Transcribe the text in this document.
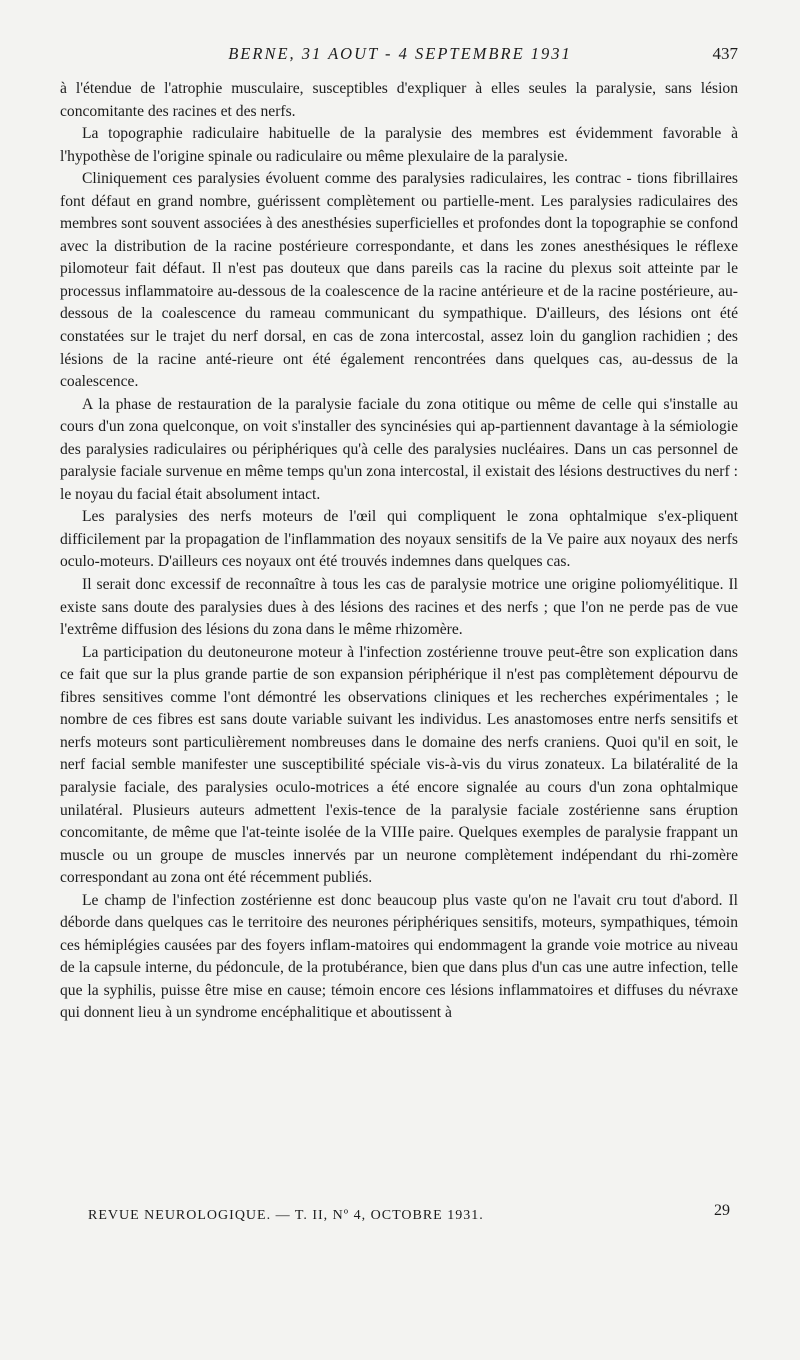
BERNE, 31 AOUT - 4 SEPTEMBRE 1931	437

à l'étendue de l'atrophie musculaire, susceptibles d'expliquer à elles seules la paralysie, sans lésion concomitante des racines et des nerfs.

La topographie radiculaire habituelle de la paralysie des membres est évidemment favorable à l'hypothèse de l'origine spinale ou radiculaire ou même plexulaire de la paralysie.

Cliniquement ces paralysies évoluent comme des paralysies radiculaires, les contrac - tions fibrillaires font défaut en grand nombre, guérissent complètement ou partielle-ment. Les paralysies radiculaires des membres sont souvent associées à des anesthésies superficielles et profondes dont la topographie se confond avec la distribution de la racine postérieure correspondante, et dans les zones anesthésiques le réflexe pilomoteur fait défaut. Il n'est pas douteux que dans pareils cas la racine du plexus soit atteinte par le processus inflammatoire au-dessous de la coalescence de la racine antérieure et de la racine postérieure, au-dessous de la coalescence du rameau communicant du sympathique. D'ailleurs, des lésions ont été constatées sur le trajet du nerf dorsal, en cas de zona intercostal, assez loin du ganglion rachidien ; des lésions de la racine anté-rieure ont été également rencontrées dans quelques cas, au-dessus de la coalescence.

A la phase de restauration de la paralysie faciale du zona otitique ou même de celle qui s'installe au cours d'un zona quelconque, on voit s'installer des syncinésies qui ap-partiennent davantage à la sémiologie des paralysies radiculaires ou périphériques qu'à celle des paralysies nucléaires. Dans un cas personnel de paralysie faciale survenue en même temps qu'un zona intercostal, il existait des lésions destructives du nerf : le noyau du facial était absolument intact.

Les paralysies des nerfs moteurs de l'œil qui compliquent le zona ophtalmique s'ex-pliquent difficilement par la propagation de l'inflammation des noyaux sensitifs de la Ve paire aux noyaux des nerfs oculo-moteurs. D'ailleurs ces noyaux ont été trouvés indemnes dans quelques cas.

Il serait donc excessif de reconnaître à tous les cas de paralysie motrice une origine poliomyélitique. Il existe sans doute des paralysies dues à des lésions des racines et des nerfs ; que l'on ne perde pas de vue l'extrême diffusion des lésions du zona dans le même rhizomère.

La participation du deutoneurone moteur à l'infection zostérienne trouve peut-être son explication dans ce fait que sur la plus grande partie de son expansion périphérique il n'est pas complètement dépourvu de fibres sensitives comme l'ont démontré les observations cliniques et les recherches expérimentales ; le nombre de ces fibres est sans doute variable suivant les individus. Les anastomoses entre nerfs sensitifs et nerfs moteurs sont particulièrement nombreuses dans le domaine des nerfs craniens. Quoi qu'il en soit, le nerf facial semble manifester une susceptibilité spéciale vis-à-vis du virus zonateux. La bilatéralité de la paralysie faciale, des paralysies oculo-motrices a été encore signalée au cours d'un zona ophtalmique unilatéral. Plusieurs auteurs admettent l'exis-tence de la paralysie faciale zostérienne sans éruption concomitante, de même que l'at-teinte isolée de la VIIIe paire. Quelques exemples de paralysie frappant un muscle ou un groupe de muscles innervés par un neurone complètement indépendant du rhi-zomère correspondant au zona ont été récemment publiés.

Le champ de l'infection zostérienne est donc beaucoup plus vaste qu'on ne l'avait cru tout d'abord. Il déborde dans quelques cas le territoire des neurones périphériques sensitifs, moteurs, sympathiques, témoin ces hémiplégies causées par des foyers inflam-matoires qui endommagent la grande voie motrice au niveau de la capsule interne, du pédoncule, de la protubérance, bien que dans plus d'un cas une autre infection, telle que la syphilis, puisse être mise en cause; témoin encore ces lésions inflammatoires et diffuses du névraxe qui donnent lieu à un syndrome encéphalitique et aboutissent à

REVUE NEUROLOGIQUE. — T. II, Nº 4, OCTOBRE 1931.	29
